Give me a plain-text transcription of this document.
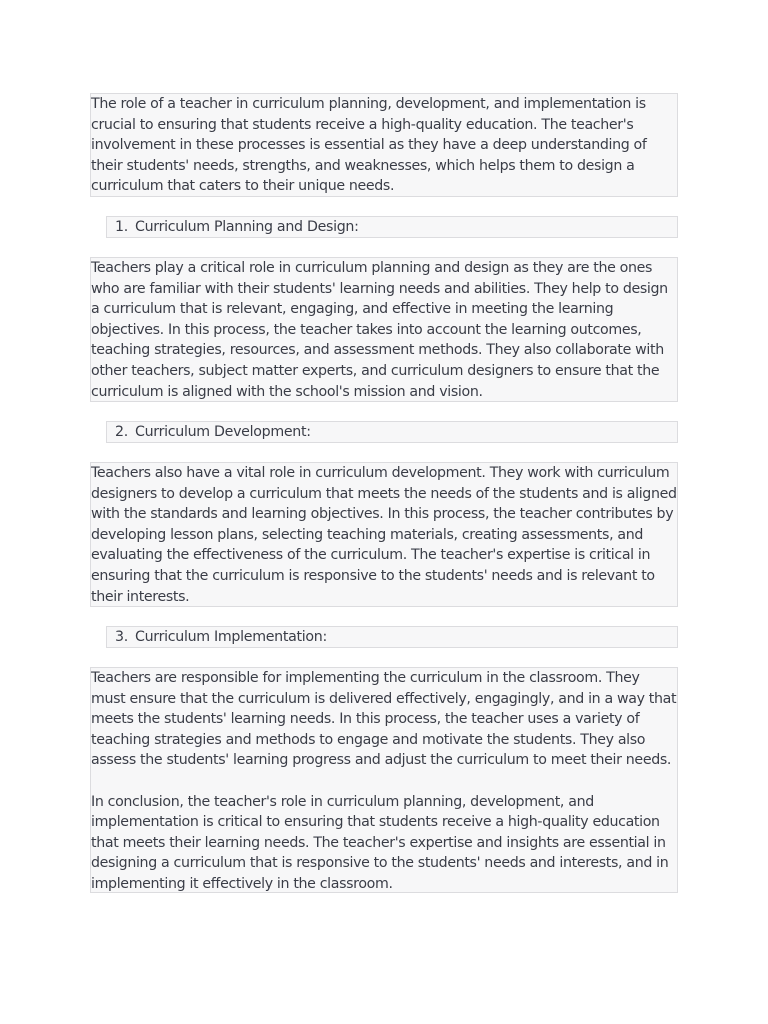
The role of a teacher in curriculum planning, development, and implementation is crucial to ensuring that students receive a high-quality education. The teacher's involvement in these processes is essential as they have a deep understanding of their students' needs, strengths, and weaknesses, which helps them to design a curriculum that caters to their unique needs.

1. Curriculum Planning and Design:

Teachers play a critical role in curriculum planning and design as they are the ones who are familiar with their students' learning needs and abilities. They help to design a curriculum that is relevant, engaging, and effective in meeting the learning objectives. In this process, the teacher takes into account the learning outcomes, teaching strategies, resources, and assessment methods. They also collaborate with other teachers, subject matter experts, and curriculum designers to ensure that the curriculum is aligned with the school's mission and vision.

2. Curriculum Development:

Teachers also have a vital role in curriculum development. They work with curriculum designers to develop a curriculum that meets the needs of the students and is aligned with the standards and learning objectives. In this process, the teacher contributes by developing lesson plans, selecting teaching materials, creating assessments, and evaluating the effectiveness of the curriculum. The teacher's expertise is critical in ensuring that the curriculum is responsive to the students' needs and is relevant to their interests.

3. Curriculum Implementation:

Teachers are responsible for implementing the curriculum in the classroom. They must ensure that the curriculum is delivered effectively, engagingly, and in a way that meets the students' learning needs. In this process, the teacher uses a variety of teaching strategies and methods to engage and motivate the students. They also assess the students' learning progress and adjust the curriculum to meet their needs.

In conclusion, the teacher's role in curriculum planning, development, and implementation is critical to ensuring that students receive a high-quality education that meets their learning needs. The teacher's expertise and insights are essential in designing a curriculum that is responsive to the students' needs and interests, and in implementing it effectively in the classroom.
